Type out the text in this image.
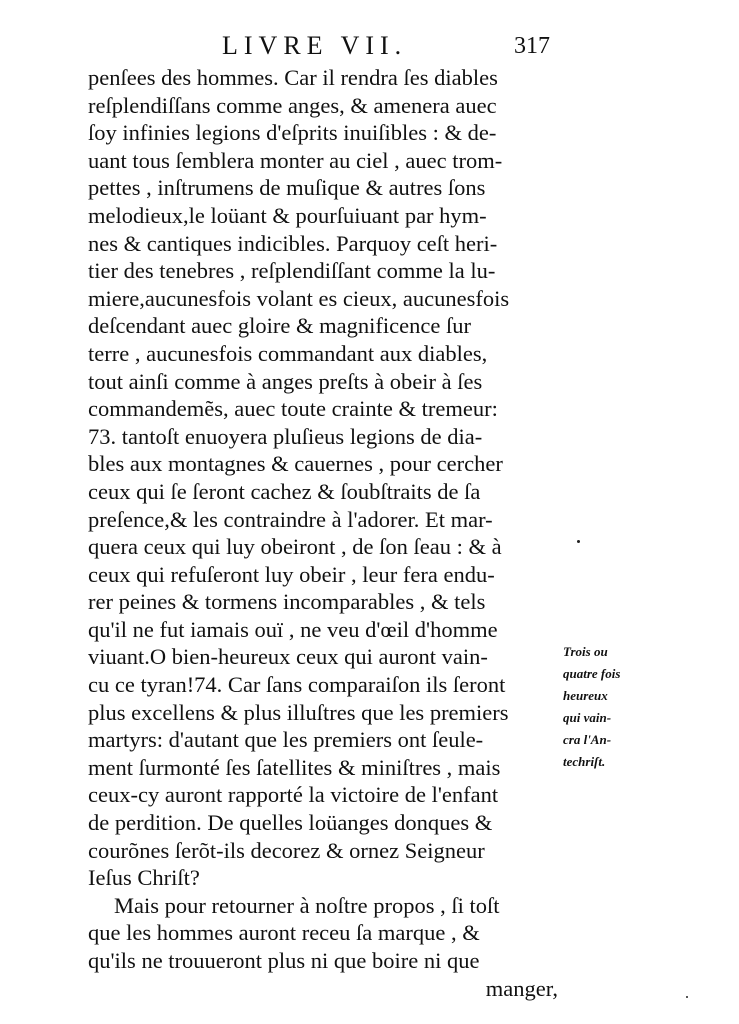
LIVRE VII.	317
penſees des hommes. Car il rendra ſes diables
reſplendiſſans comme anges, & amenera auec
ſoy infinies legions d'eſprits inuiſibles : & de-
uant tous ſemblera monter au ciel , auec trom-
pettes , inſtrumens de muſique & autres ſons
melodieux,le loüant & pourſuiuant par hym-
nes & cantiques indicibles. Parquoy ceſt heri-
tier des tenebres , reſplendiſſant comme la lu-
miere,aucunesfois volant es cieux, aucunesfois
deſcendant auec gloire & magnificence ſur
terre , aucunesfois commandant aux diables,
tout ainſi comme à anges preſts à obeir à ſes
commandemẽs, auec toute crainte & tremeur:
73. tantoſt enuoyera pluſieus legions de dia-
bles aux montagnes & cauernes , pour cercher
ceux qui ſe ſeront cachez & ſoubſtraits de ſa
preſence,& les contraindre à l'adorer. Et mar-
quera ceux qui luy obeiront , de ſon ſeau : & à
ceux qui refuſeront luy obeir , leur fera endu-
rer peines & tormens incomparables , & tels
qu'il ne fut iamais ouï , ne veu d'œil d'homme
viuant.O bien-heureux ceux qui auront vain-
cu ce tyran!74. Car ſans comparaiſon ils ſeront
plus excellens & plus illuſtres que les premiers
martyrs: d'autant que les premiers ont ſeule-
ment ſurmonté ſes ſatellites & miniſtres , mais
ceux-cy auront rapporté la victoire de l'enfant
de perdition. De quelles loüanges donques &
courõnes ſerõt-ils decorez & ornez Seigneur
Ieſus Chriſt?
Mais pour retourner à noſtre propos , ſi toſt
que les hommes auront receu ſa marque , &
qu'ils ne trouueront plus ni que boire ni que
manger,
Trois ou
quatre fois
heureux
qui vain-
cra l'An-
techriſt.
